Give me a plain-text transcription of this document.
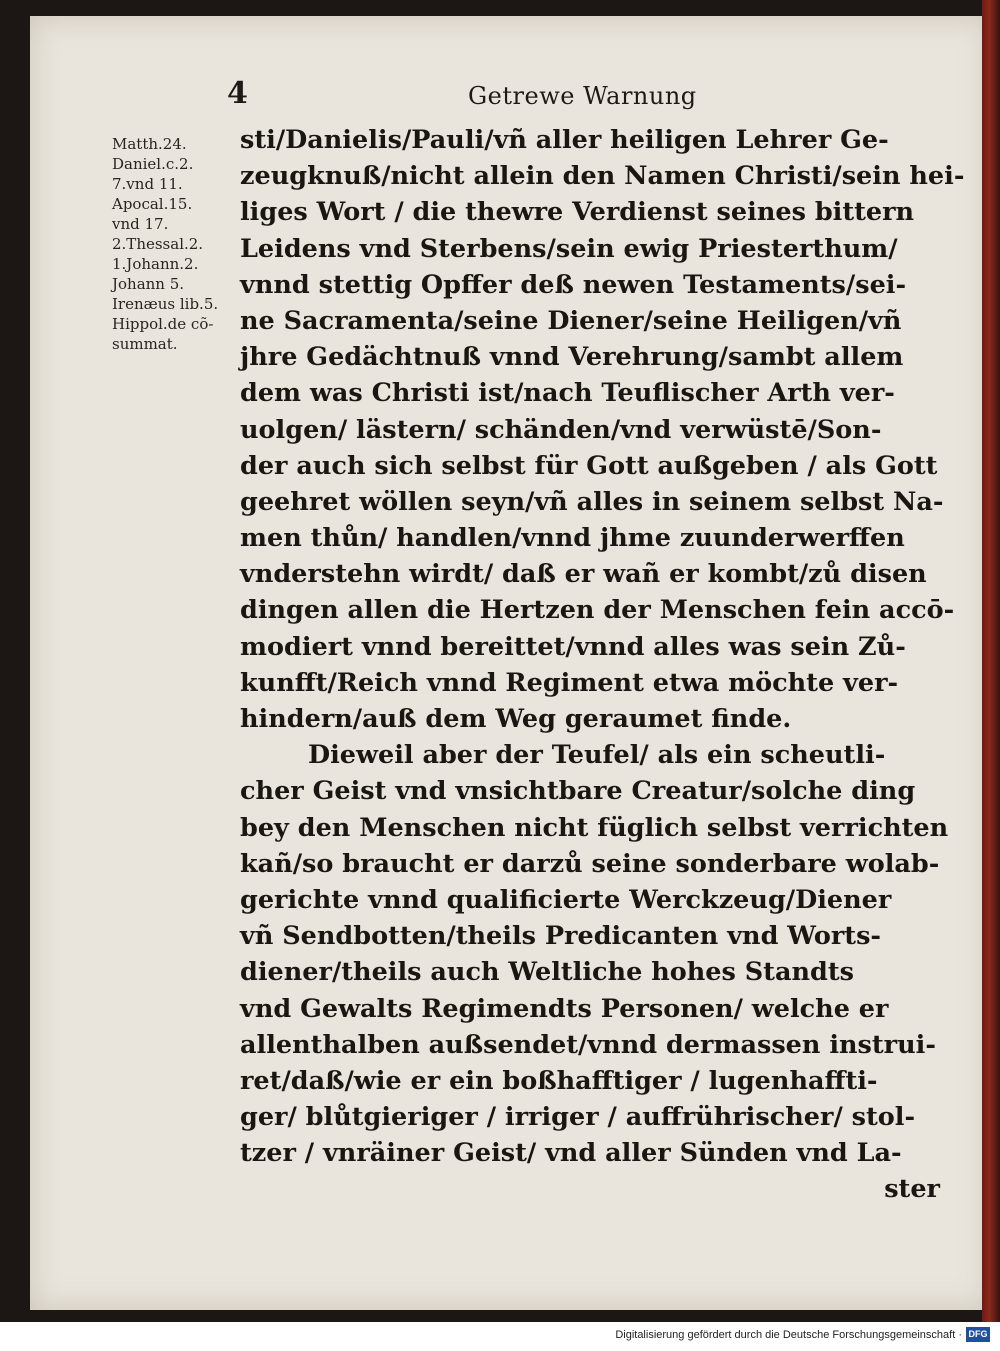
4	Getrewe Warnung
Matth.24.
Daniel.c.2.
7.vnd 11.
Apocal.15.
vnd 17.
2.Thessal.2.
1.Johann.2.
Johann 5.
Irenæus lib.5.
Hippol.de cõ-
summat.
sti/Danielis/Pauli/vñ aller heiligen Lehrer Ge-
zeugknuß/nicht allein den Namen Christi/sein hei-
liges Wort / die thewre Verdienst seines bittern
Leidens vnd Sterbens/sein ewig Priesterthum/
vnnd stettig Opffer deß newen Testaments/sei-
ne Sacramenta/seine Diener/seine Heiligen/vñ
jhre Gedächtnuß vnnd Verehrung/sambt allem
dem was Christi ist/nach Teuflischer Arth ver-
uolgen/ lästern/ schänden/vnd verwüstē/Son-
der auch sich selbst für Gott außgeben / als Gott
geehret wöllen seyn/vñ alles in seinem selbst Na-
men thůn/ handlen/vnnd jhme zuunderwerffen
vnderstehn wirdt/ daß er wañ er kombt/zů disen
dingen allen die Hertzen der Menschen fein accō-
modiert vnnd bereittet/vnnd alles was sein Zů-
kunfft/Reich vnnd Regiment etwa möchte ver-
hindern/auß dem Weg geraumet finde.
Dieweil aber der Teufel/ als ein scheutli-
cher Geist vnd vnsichtbare Creatur/solche ding
bey den Menschen nicht füglich selbst verrichten
kañ/so braucht er darzů seine sonderbare wolab-
gerichte vnnd qualificierte Werckzeug/Diener
vñ Sendbotten/theils Predicanten vnd Worts-
diener/theils auch Weltliche hohes Standts
vnd Gewalts Regimendts Personen/ welche er
allenthalben außsendet/vnnd dermassen instrui-
ret/daß/wie er ein boßhafftiger / lugenhaffti-
ger/ blůtgieriger / irriger / auffrührischer/ stol-
tzer / vnräiner Geist/ vnd aller Sünden vnd La-
ster
Digitalisierung gefördert durch die Deutsche Forschungsgemeinschaft · DFG
